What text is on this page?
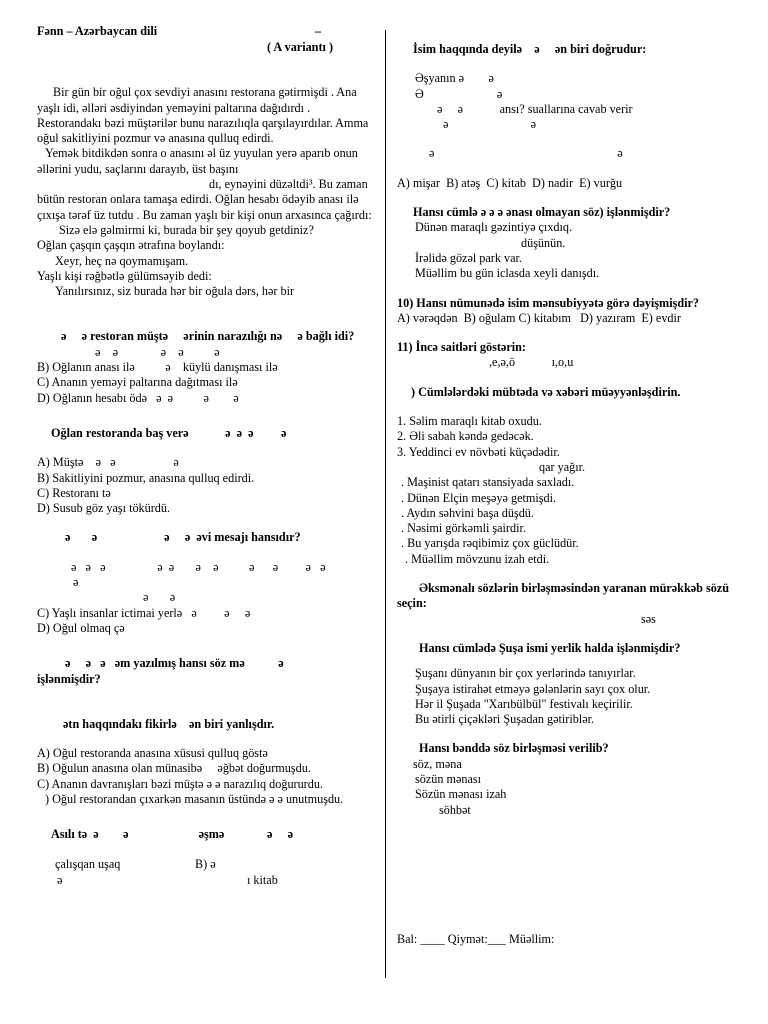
Fənn – Azərbaycan dili	–
( A variantı )

Bir gün bir oğul çox sevdiyi anasını restorana gətirmişdi . Ana yaşlı idi, əlləri əsdiyindən yeməyini paltarına dağıdırdı . Restorandakı bəzi müştərilər bunu narazılıqla qarşılayırdılar. Amma oğul sakitliyini pozmur və anasına qulluq edirdi.

Yemək bitdikdən sonra o anasını əl üz yuyulan yerə aparıb onun əllərini yudu, saçlarını darayıb, üst başını

dı, eynəyini düzəltdi³. Bu zaman bütün restoran onlara tamaşa edirdi. Oğlan hesabı ödəyib anası ilə çıxışa tərəf üz tutdu . Bu zaman yaşlı bir kişi onun arxasınca çağırdı:

Sizə elə gəlmirmi ki, burada bir şey qoyub getdiniz?

Oğlan çaşqın çaşqın ətrafına boylandı:

Xeyr, heç nə qoymamışam.

Yaşlı kişi rəğbətlə gülümsəyib dedi:

Yanılırsınız, siz burada hər bir oğula dərs, hər bir

ə     ə restoran müştə     ərinin narazılığı nə     ə bağlı idi?

ə    ə              ə    ə          ə

B) Oğlanın anası ilə          ə    küylü danışması ilə

C) Ananın yeməyi paltarına dağıtması ilə

D) Oğlanın hesabı ödə   ə  ə          ə        ə

Oğlan restoranda baş verə            ə  ə  ə         ə

A) Müştə    ə   ə                   ə

B) Sakitliyini pozmur, anasına qulluq edirdi.

C) Restoranı tə

D) Susub göz yaşı tökürdü.

ə       ə                      ə     ə  əvi mesajı hansıdır?

ə   ə   ə                 ə  ə       ə    ə          ə      ə         ə   ə

ə

ə       ə

C) Yaşlı insanlar ictimai yerlə   ə         ə     ə

D) Oğul olmaq çə

ə     ə   ə   əm yazılmış hansı söz mə           ə

işlənmişdir?

ətn haqqındakı fikirlə    ən biri yanlışdır.

A) Oğul restoranda anasına xüsusi qulluq göstə

B) Oğulun anasına olan münasibə     əğbət doğurmuşdu.

C) Ananın davranışları bəzi müştə ə ə narazılıq doğururdu.

) Oğul restorandan çıxarkən masanın üstündə ə ə unutmuşdu.

Asılı tə  ə        ə                       əşmə              ə     ə

çalışqan uşaq	B) ə
ə	ı kitab

İsim haqqında deyilə    ə     ən biri doğrudur:

Əşyanın ə        ə

Ə                        ə

ə     ə            ansı? suallarına cavab verir

ə                           ə

ə                                                            ə

A) mişar  B) atəş  C) kitab  D) nadir  E) vurğu

Hansı cümlə ə ə ə ənası olmayan söz) işlənmişdir?

Dünən maraqlı gəzintiyə çıxdıq.

düşünün.

İrəlidə gözəl park var.

Müəllim bu gün iclasda xeyli danışdı.

10) Hansı nümunədə isim mənsubiyyətə görə dəyişmişdir?

A) vərəqdən  B) oğulam C) kitabım   D) yazıram  E) evdir

11) İncə saitləri göstərin:

,e,ə,ö            ı,o,u

) Cümlələrdəki mübtəda və xəbəri müəyyənləşdirin.

1. Səlim maraqlı kitab oxudu.

2. Əli sabah kəndə gedəcək.

3. Yeddinci ev növbəti küçədədir.

qar yağır.

. Maşinist qatarı stansiyada saxladı.

. Dünən Elçin meşəyə getmişdi.

. Aydın səhvini başa düşdü.

. Nəsimi görkəmli şairdir.

. Bu yarışda rəqibimiz çox güclüdür.

. Müəllim mövzunu izah etdi.

Əksmənalı sözlərin birləşməsindən yaranan mürəkkəb sözü seçin:

səs

Hansı cümlədə Şuşa ismi yerlik halda işlənmişdir?

Şuşanı dünyanın bir çox yerlərində tanıyırlar.

Şuşaya istirahət etməyə gələnlərin sayı çox olur.

Hər il Şuşada "Xarıbülbül" festivalı keçirilir.

Bu ətirli çiçəkləri Şuşadan gətiriblər.

Hansı bənddə söz birləşməsi verilib?

söz, məna

sözün mənası

Sözün mənası izah

söhbət

Bal: ____ Qiymət:___ Müəllim:
